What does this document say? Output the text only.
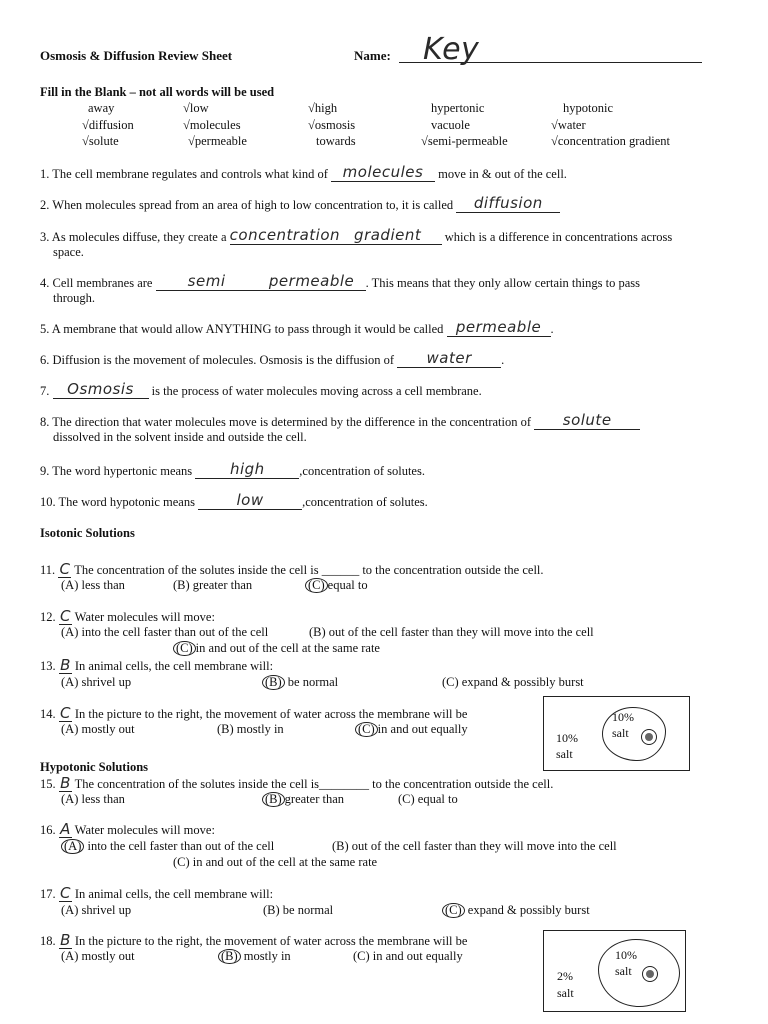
Osmosis & Diffusion Review Sheet	Name: Key
Fill in the Blank – not all words will be used
away	√low	√high	hypertonic	hypotonic
√diffusion	√molecules	√osmosis	vacuole	√water
√solute	√permeable	towards	√semi-permeable	√concentration gradient
1. The cell membrane regulates and controls what kind of molecules move in & out of the cell.
2. When molecules spread from an area of high to low concentration to, it is called diffusion
3. As molecules diffuse, they create a concentration gradient which is a difference in concentrations across
space.
4. Cell membranes are semi	permeable . This means that they only allow certain things to pass
through.
5. A membrane that would allow ANYTHING to pass through it would be called permeable .
6. Diffusion is the movement of molecules. Osmosis is the diffusion of water .
7. Osmosis is the process of water molecules moving across a cell membrane.
8. The direction that water molecules move is determined by the difference in the concentration of solute
dissolved in the solvent inside and outside the cell.
9. The word hypertonic means high	,concentration of solutes.
10. The word hypotonic means	low	,concentration of solutes.
Isotonic Solutions
11. C The concentration of the solutes inside the cell is ______ to the concentration outside the cell.
(A) less than	(B) greater than	(C) equal to
12. C Water molecules will move:
(A) into the cell faster than out of the cell	(B) out of the cell faster than they will move into the cell
(C) in and out of the cell at the same rate
13. B In animal cells, the cell membrane will:
(A) shrivel up	(B) be normal	(C) expand & possibly burst
14. C In the picture to the right, the movement of water across the membrane will be
(A) mostly out	(B) mostly in	(C) in and out equally
10%
salt
10%
salt
Hypotonic Solutions
15. B The concentration of the solutes inside the cell is________ to the concentration outside the cell.
(A) less than	(B) greater than	(C) equal to
16. A Water molecules will move:
(A) into the cell faster than out of the cell	(B) out of the cell faster than they will move into the cell
(C) in and out of the cell at the same rate
17. C In animal cells, the cell membrane will:
(A) shrivel up	(B) be normal	(C) expand & possibly burst
18. B In the picture to the right, the movement of water across the membrane will be
(A) mostly out	(B) mostly in	(C) in and out equally
2%
salt
10%
salt
